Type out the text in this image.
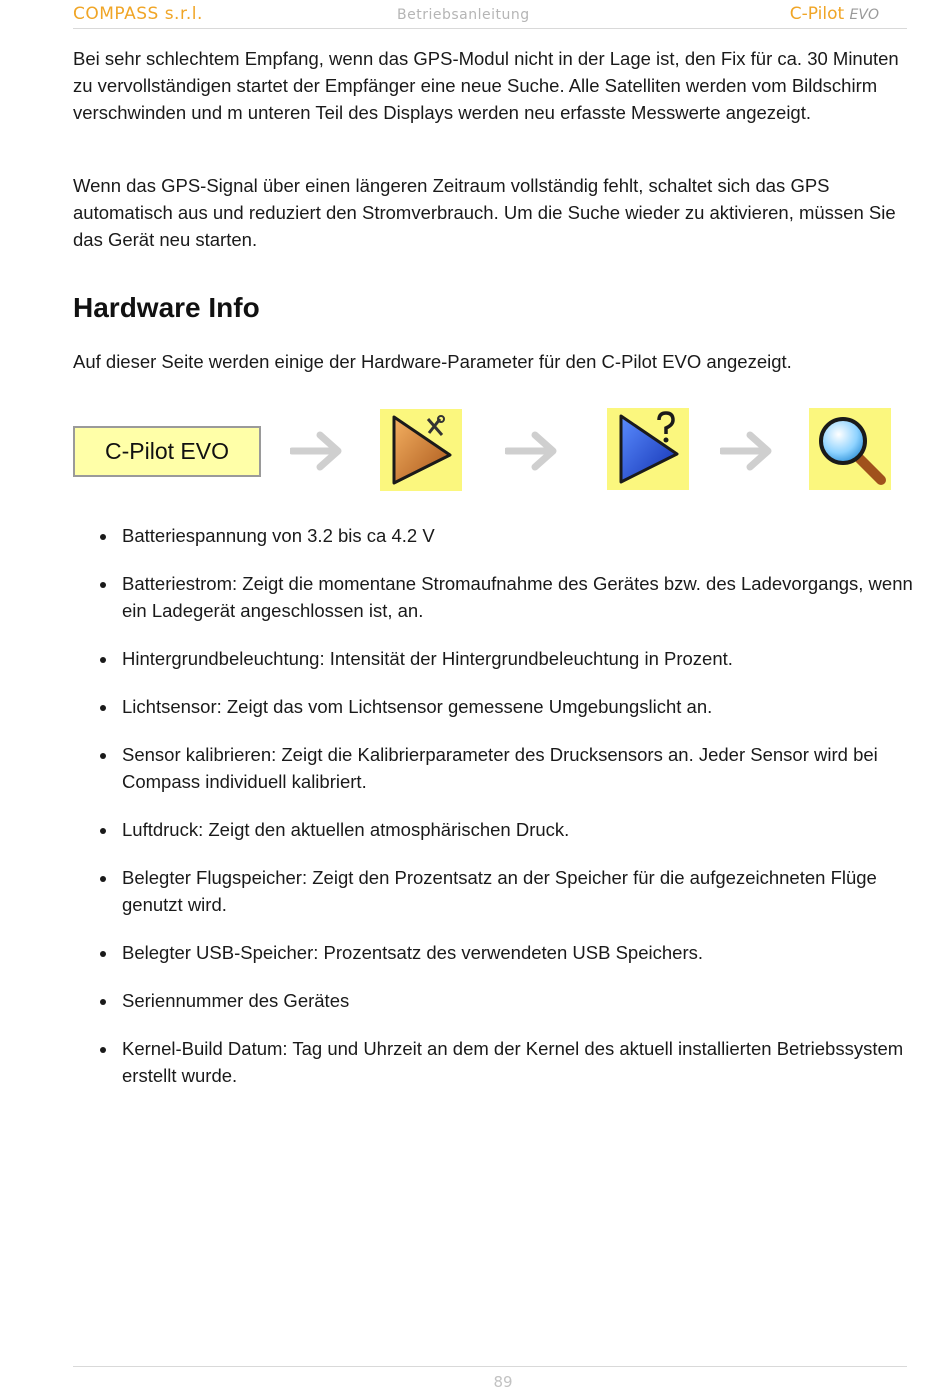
COMPASS s.r.l.	Betriebsanleitung	C-Pilot EVO
Bei sehr schlechtem Empfang, wenn das GPS-Modul nicht in der Lage ist, den Fix für ca. 30 Minuten zu vervollständigen startet der Empfänger eine neue Suche. Alle Satelliten werden vom Bildschirm verschwinden und m unteren Teil des Displays werden neu erfasste Messwerte angezeigt.
Wenn das GPS-Signal über einen längeren Zeitraum vollständig fehlt, schaltet sich das GPS automatisch aus und reduziert den Stromverbrauch. Um die Suche wieder zu aktivieren, müssen Sie das Gerät neu starten.
Hardware Info
Auf dieser Seite werden einige der Hardware-Parameter für den C-Pilot EVO angezeigt.
C-Pilot EVO
Batteriespannung von 3.2 bis ca 4.2 V
Batteriestrom: Zeigt die momentane Stromaufnahme des Gerätes bzw. des Ladevorgangs, wenn ein Ladegerät angeschlossen ist, an.
Hintergrundbeleuchtung: Intensität der Hintergrundbeleuchtung in Prozent.
Lichtsensor: Zeigt das vom Lichtsensor gemessene Umgebungslicht an.
Sensor kalibrieren: Zeigt die Kalibrierparameter des Drucksensors an. Jeder Sensor wird bei Compass individuell kalibriert.
Luftdruck: Zeigt den aktuellen atmosphärischen Druck.
Belegter Flugspeicher: Zeigt den Prozentsatz an der Speicher für die aufgezeichneten Flüge genutzt wird.
Belegter USB-Speicher: Prozentsatz des verwendeten USB Speichers.
Seriennummer des Gerätes
Kernel-Build Datum: Tag und Uhrzeit an dem der Kernel des aktuell installierten Betriebssystem erstellt wurde.
89
